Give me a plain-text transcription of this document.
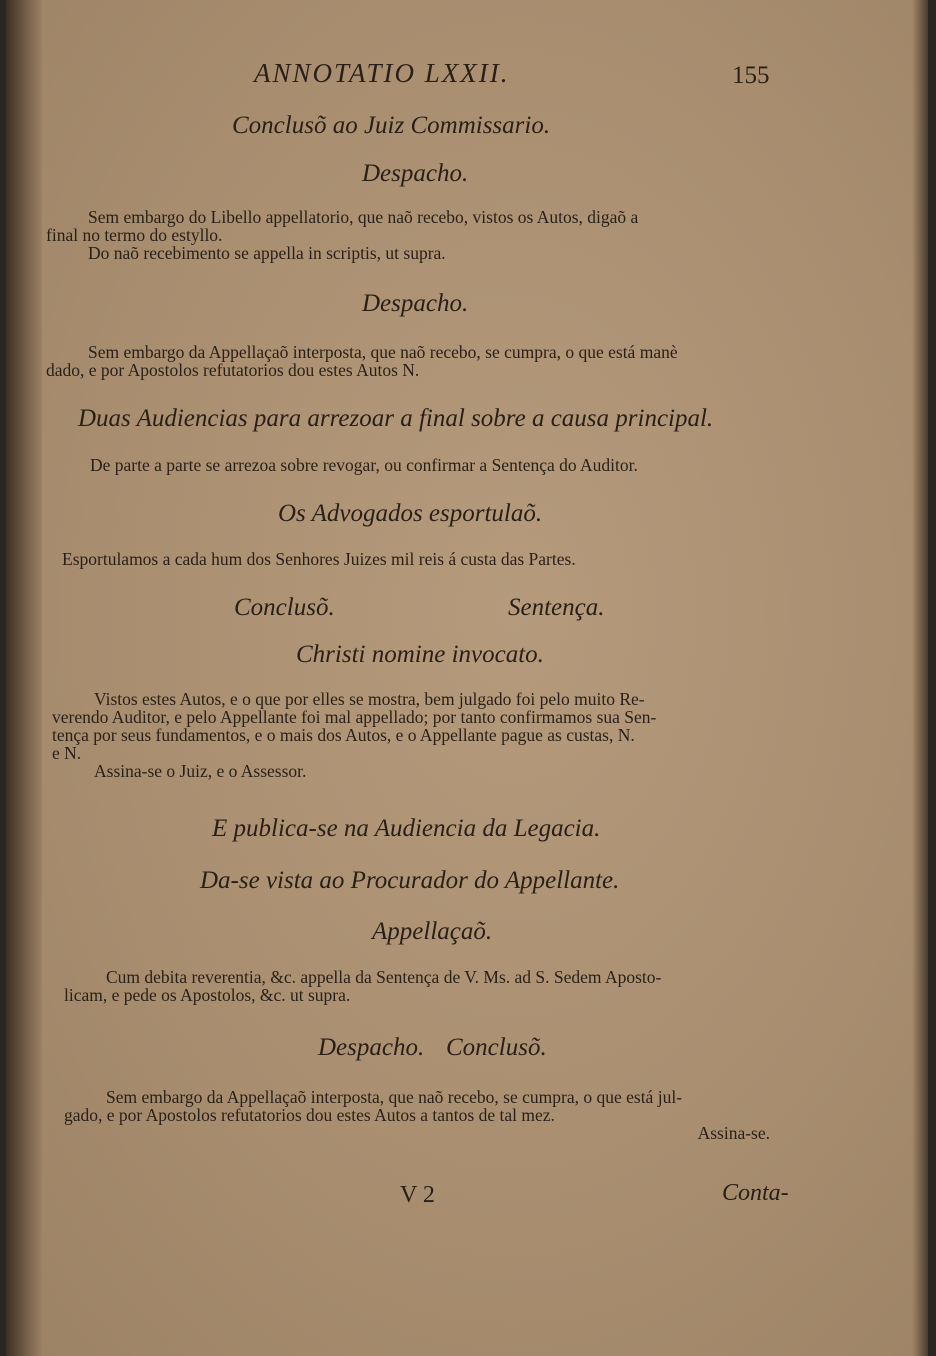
ANNOTATIO LXXII.	155
Conclusõ ao Juiz Commissario.
Despacho.

Sem embargo do Libello appellatorio, que naõ recebo, vistos os Autos, digaõ a

final no termo do estyllo.

Do naõ recebimento se appella in scriptis, ut supra.

Despacho.

Sem embargo da Appellaçaõ interposta, que naõ recebo, se cumpra, o que está manè

dado, e por Apostolos refutatorios dou estes Autos N.

Duas Audiencias para arrezoar a final sobre a causa principal.
De parte a parte se arrezoa sobre revogar, ou confirmar a Sentença do Auditor.
Os Advogados esportulaõ.
Esportulamos a cada hum dos Senhores Juizes mil reis á custa das Partes.
Conclusõ.	Sentença.
Christi nomine invocato.

Vistos estes Autos, e o que por elles se mostra, bem julgado foi pelo muito Re-

verendo Auditor, e pelo Appellante foi mal appellado; por tanto confirmamos sua Sen-

tença por seus fundamentos, e o mais dos Autos, e o Appellante pague as custas, N.

e N.

Assina-se o Juiz, e o Assessor.

E publica-se na Audiencia da Legacia.
Da-se vista ao Procurador do Appellante.
Appellaçaõ.

Cum debita reverentia, &c. appella da Sentença de V. Ms. ad S. Sedem Aposto-

licam, e pede os Apostolos, &c. ut supra.

Despacho. Conclusõ.

Sem embargo da Appellaçaõ interposta, que naõ recebo, se cumpra, o que está jul-

gado, e por Apostolos refutatorios dou estes Autos a tantos de tal mez.

Assina-se.

V 2	Conta-
